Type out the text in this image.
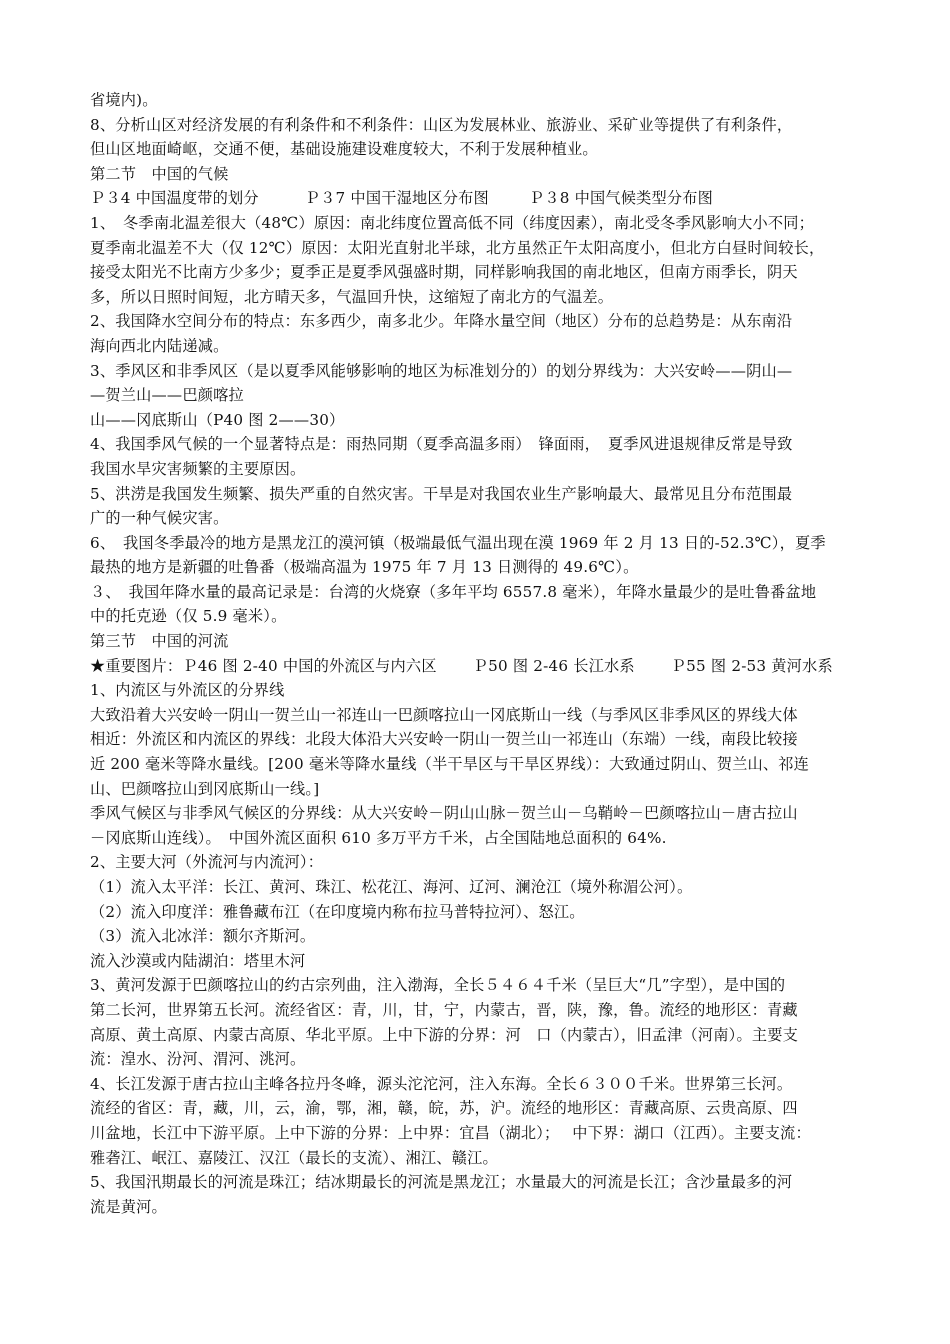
省境内)。
8、分析山区对经济发展的有利条件和不利条件：山区为发展林业、旅游业、采矿业等提供了有利条件，
但山区地面崎岖，交通不便，基础设施建设难度较大，不利于发展种植业。
第二节　中国的气候
Ｐ３4 中国温度带的划分	Ｐ３7 中国干湿地区分布图	Ｐ３8 中国气候类型分布图
1、　冬季南北温差很大（48℃）原因：南北纬度位置高低不同（纬度因素），南北受冬季风影响大小不同；
夏季南北温差不大（仅 12℃）原因：太阳光直射北半球，北方虽然正午太阳高度小，但北方白昼时间较长，
接受太阳光不比南方少多少；夏季正是夏季风强盛时期，同样影响我国的南北地区，但南方雨季长，阴天
多，所以日照时间短，北方晴天多，气温回升快，这缩短了南北方的气温差。
2、我国降水空间分布的特点：东多西少，南多北少。年降水量空间（地区）分布的总趋势是：从东南沿
海向西北内陆递减。
3、季风区和非季风区（是以夏季风能够影响的地区为标准划分的）的划分界线为：大兴安岭——阴山—
—贺兰山——巴颜喀拉
山——冈底斯山（P40 图 2——30）
4、我国季风气候的一个显著特点是：雨热同期（夏季高温多雨）　锋面雨，　夏季风进退规律反常是导致
我国水旱灾害频繁的主要原因。
5、洪涝是我国发生频繁、损失严重的自然灾害。干旱是对我国农业生产影响最大、最常见且分布范围最
广的一种气候灾害。
6、　我国冬季最冷的地方是黑龙江的漠河镇（极端最低气温出现在漠 1969 年 2 月 13 日的-52.3℃），夏季
最热的地方是新疆的吐鲁番（极端高温为 1975 年 7 月 13 日测得的 49.6℃）。
３、　我国年降水量的最高记录是：台湾的火烧寮（多年平均 6557.8 毫米），年降水量最少的是吐鲁番盆地
中的托克逊（仅 5.9 毫米）。
第三节　中国的河流
★重要图片：Ｐ46 图 2-40 中国的外流区与内六区 Ｐ50 图 2-46 长江水系 Ｐ55 图 2-53 黄河水系
1、内流区与外流区的分界线
大致沿着大兴安岭一阴山一贺兰山一祁连山一巴颜喀拉山一冈底斯山一线（与季风区非季风区的界线大体
相近：外流区和内流区的界线：北段大体沿大兴安岭一阴山一贺兰山一祁连山（东端）一线，南段比较接
近 200 毫米等降水量线。[200 毫米等降水量线（半干旱区与干旱区界线）：大致通过阴山、贺兰山、祁连
山、巴颜喀拉山到冈底斯山一线。]
季风气候区与非季风气候区的分界线：从大兴安岭－阴山山脉－贺兰山－乌鞘岭－巴颜喀拉山－唐古拉山
－冈底斯山连线）。　中国外流区面积 610 多万平方千米，占全国陆地总面积的 64%.
2、主要大河（外流河与内流河）：
（1）流入太平洋：长江、黄河、珠江、松花江、海河、辽河、澜沧江（境外称湄公河）。
（2）流入印度洋：雅鲁藏布江（在印度境内称布拉马普特拉河）、怒江。
（3）流入北冰洋：额尔齐斯河。
流入沙漠或内陆湖泊：塔里木河
3、黄河发源于巴颜喀拉山的约古宗列曲，注入渤海，全长５４６４千米（呈巨大“几”字型），是中国的
第二长河，世界第五长河。流经省区：青，川，甘，宁，内蒙古，晋，陕，豫，鲁。流经的地形区：青藏
高原、黄土高原、内蒙古高原、华北平原。上中下游的分界：河　口（内蒙古），旧孟津（河南）。主要支
流：湟水、汾河、渭河、洮河。
4、长江发源于唐古拉山主峰各拉丹冬峰，源头沱沱河，注入东海。全长６３００千米。世界第三长河。
流经的省区：青，藏，川，云，渝，鄂，湘，赣，皖，苏，沪。流经的地形区：青藏高原、云贵高原、四
川盆地，长江中下游平原。上中下游的分界：上中界：宜昌（湖北）；　 中下界：湖口（江西）。主要支流：
雅砻江、岷江、嘉陵江、汉江（最长的支流）、湘江、赣江。
5、我国汛期最长的河流是珠江；结冰期最长的河流是黑龙江；水量最大的河流是长江；含沙量最多的河
流是黄河。
